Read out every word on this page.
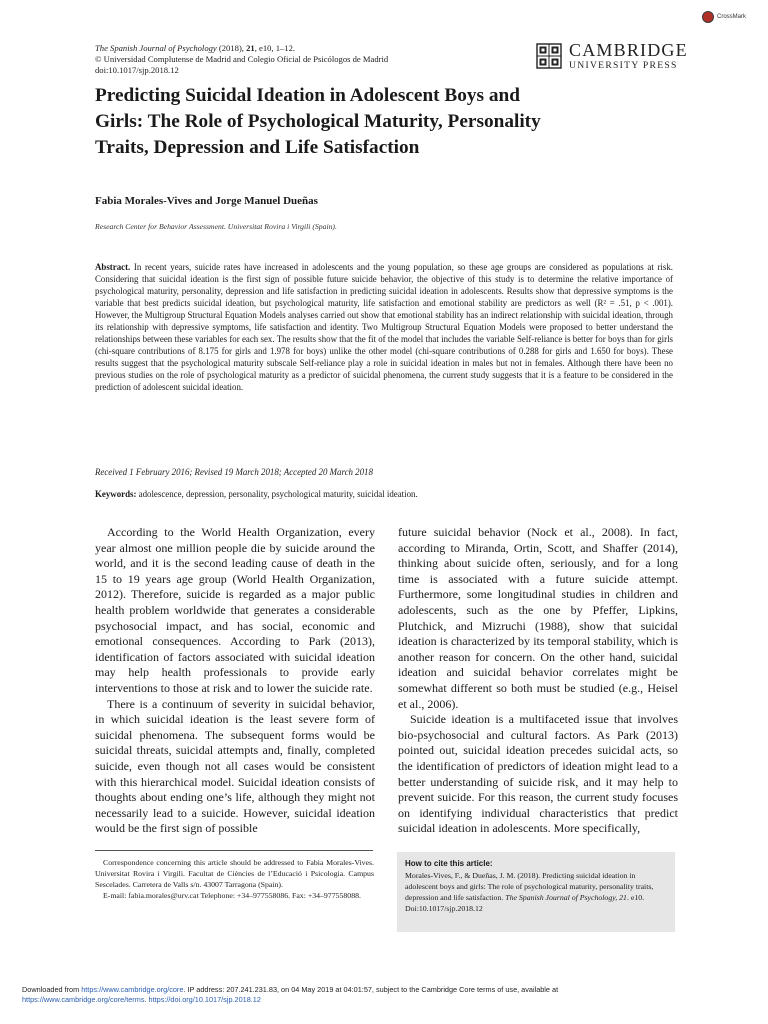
CrossMark
The Spanish Journal of Psychology (2018), 21, e10, 1–12.
© Universidad Complutense de Madrid and Colegio Oficial de Psicólogos de Madrid
doi:10.1017/sjp.2018.12
CAMBRIDGE
UNIVERSITY PRESS
Predicting Suicidal Ideation in Adolescent Boys and
Girls: The Role of Psychological Maturity, Personality
Traits, Depression and Life Satisfaction
Fabia Morales-Vives and Jorge Manuel Dueñas
Research Center for Behavior Assessment. Universitat Rovira i Virgili (Spain).
Abstract. In recent years, suicide rates have increased in adolescents and the young population, so these age groups are considered as populations at risk. Considering that suicidal ideation is the first sign of possible future suicide behavior, the objective of this study is to determine the relative importance of psychological maturity, personality, depression and life satisfaction in predicting suicidal ideation in adolescents. Results show that depressive symptoms is the variable that best predicts suicidal ideation, but psychological maturity, life satisfaction and emotional stability are predictors as well (R² = .51, p < .001). However, the Multigroup Structural Equation Models analyses carried out show that emotional stability has an indirect relationship with suicidal ideation, through its relationship with depressive symptoms, life satisfaction and identity. Two Multigroup Structural Equation Models were proposed to better understand the relationships between these variables for each sex. The results show that the fit of the model that includes the variable Self-reliance is better for boys than for girls (chi-square contributions of 8.175 for girls and 1.978 for boys) unlike the other model (chi-square contributions of 0.288 for girls and 1.650 for boys). These results suggest that the psychological maturity subscale Self-reliance play a role in suicidal ideation in males but not in females. Although there have been no previous studies on the role of psychological maturity as a predictor of suicidal phenomena, the current study suggests that it is a feature to be considered in the prediction of adolescent suicidal ideation.
Received 1 February 2016; Revised 19 March 2018; Accepted 20 March 2018
Keywords: adolescence, depression, personality, psychological maturity, suicidal ideation.

According to the World Health Organization, every year almost one million people die by suicide around the world, and it is the second leading cause of death in the 15 to 19 years age group (World Health Organization, 2012). Therefore, suicide is regarded as a major public health problem worldwide that generates a considerable psychosocial impact, and has social, economic and emotional consequences. According to Park (2013), identification of factors associated with suicidal ideation may help health professionals to provide early interventions to those at risk and to lower the suicide rate.

There is a continuum of severity in suicidal behavior, in which suicidal ideation is the least severe form of suicidal phenomena. The subsequent forms would be suicidal threats, suicidal attempts and, finally, completed suicide, even though not all cases would be consistent with this hierarchical model. Suicidal ideation consists of thoughts about ending one’s life, although they might not necessarily lead to a suicide. However, suicidal ideation would be the first sign of possible

future suicidal behavior (Nock et al., 2008). In fact, according to Miranda, Ortin, Scott, and Shaffer (2014), thinking about suicide often, seriously, and for a long time is associated with a future suicide attempt. Furthermore, some longitudinal studies in children and adolescents, such as the one by Pfeffer, Lipkins, Plutchick, and Mizruchi (1988), show that suicidal ideation is characterized by its temporal stability, which is another reason for concern. On the other hand, suicidal ideation and suicidal behavior correlates might be somewhat different so both must be studied (e.g., Heisel et al., 2006).

Suicide ideation is a multifaceted issue that involves bio-psychosocial and cultural factors. As Park (2013) pointed out, suicidal ideation precedes suicidal acts, so the identification of predictors of ideation might lead to a better understanding of suicide risk, and it may help to prevent suicide. For this reason, the current study focuses on identifying individual characteristics that predict suicidal ideation in adolescents. More specifically,

Correspondence concerning this article should be addressed to Fabia Morales-Vives. Universitat Rovira i Virgili. Facultat de Ciències de l’Educació i Psicologia. Campus Sescelades. Carretera de Valls s/n. 43007 Tarragona (Spain).

E-mail: fabia.morales@urv.cat Telephone: +34–977558086. Fax: +34–977558088.

How to cite this article:
Morales-Vives, F., & Dueñas, J. M. (2018). Predicting suicidal ideation in adolescent boys and girls: The role of psychological maturity, personality traits, depression and life satisfaction. The Spanish Journal of Psychology, 21. e10. Doi:10.1017/sjp.2018.12
Downloaded from https://www.cambridge.org/core. IP address: 207.241.231.83, on 04 May 2019 at 04:01:57, subject to the Cambridge Core terms of use, available at
https://www.cambridge.org/core/terms. https://doi.org/10.1017/sjp.2018.12
